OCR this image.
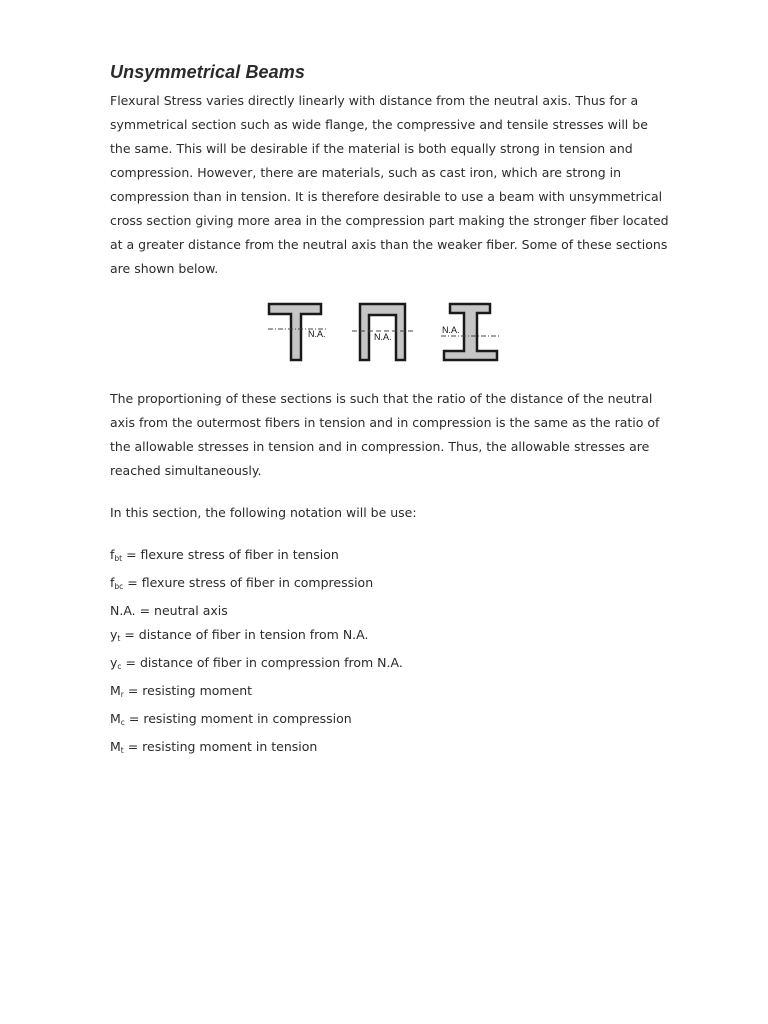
Unsymmetrical Beams

Flexural Stress varies directly linearly with distance from the neutral axis. Thus for a symmetrical section such as wide flange, the compressive and tensile stresses will be the same. This will be desirable if the material is both equally strong in tension and compression. However, there are materials, such as cast iron, which are strong in compression than in tension. It is therefore desirable to use a beam with unsymmetrical cross section giving more area in the compression part making the stronger fiber located at a greater distance from the neutral axis than the weaker fiber. Some of these sections are shown below.

N.A.	N.A.
N.A.

The proportioning of these sections is such that the ratio of the distance of the neutral axis from the outermost fibers in tension and in compression is the same as the ratio of the allowable stresses in tension and in compression. Thus, the allowable stresses are reached simultaneously.

In this section, the following notation will be use:

$f_{bt}$ = flexure stress of fiber in tension
$f_{bc}$ = flexure stress of fiber in compression
N.A. = neutral axis
$y_t$ = distance of fiber in tension from N.A.
$y_c$ = distance of fiber in compression from N.A.
$M_r$ = resisting moment
$M_c$ = resisting moment in compression
$M_t$ = resisting moment in tension
